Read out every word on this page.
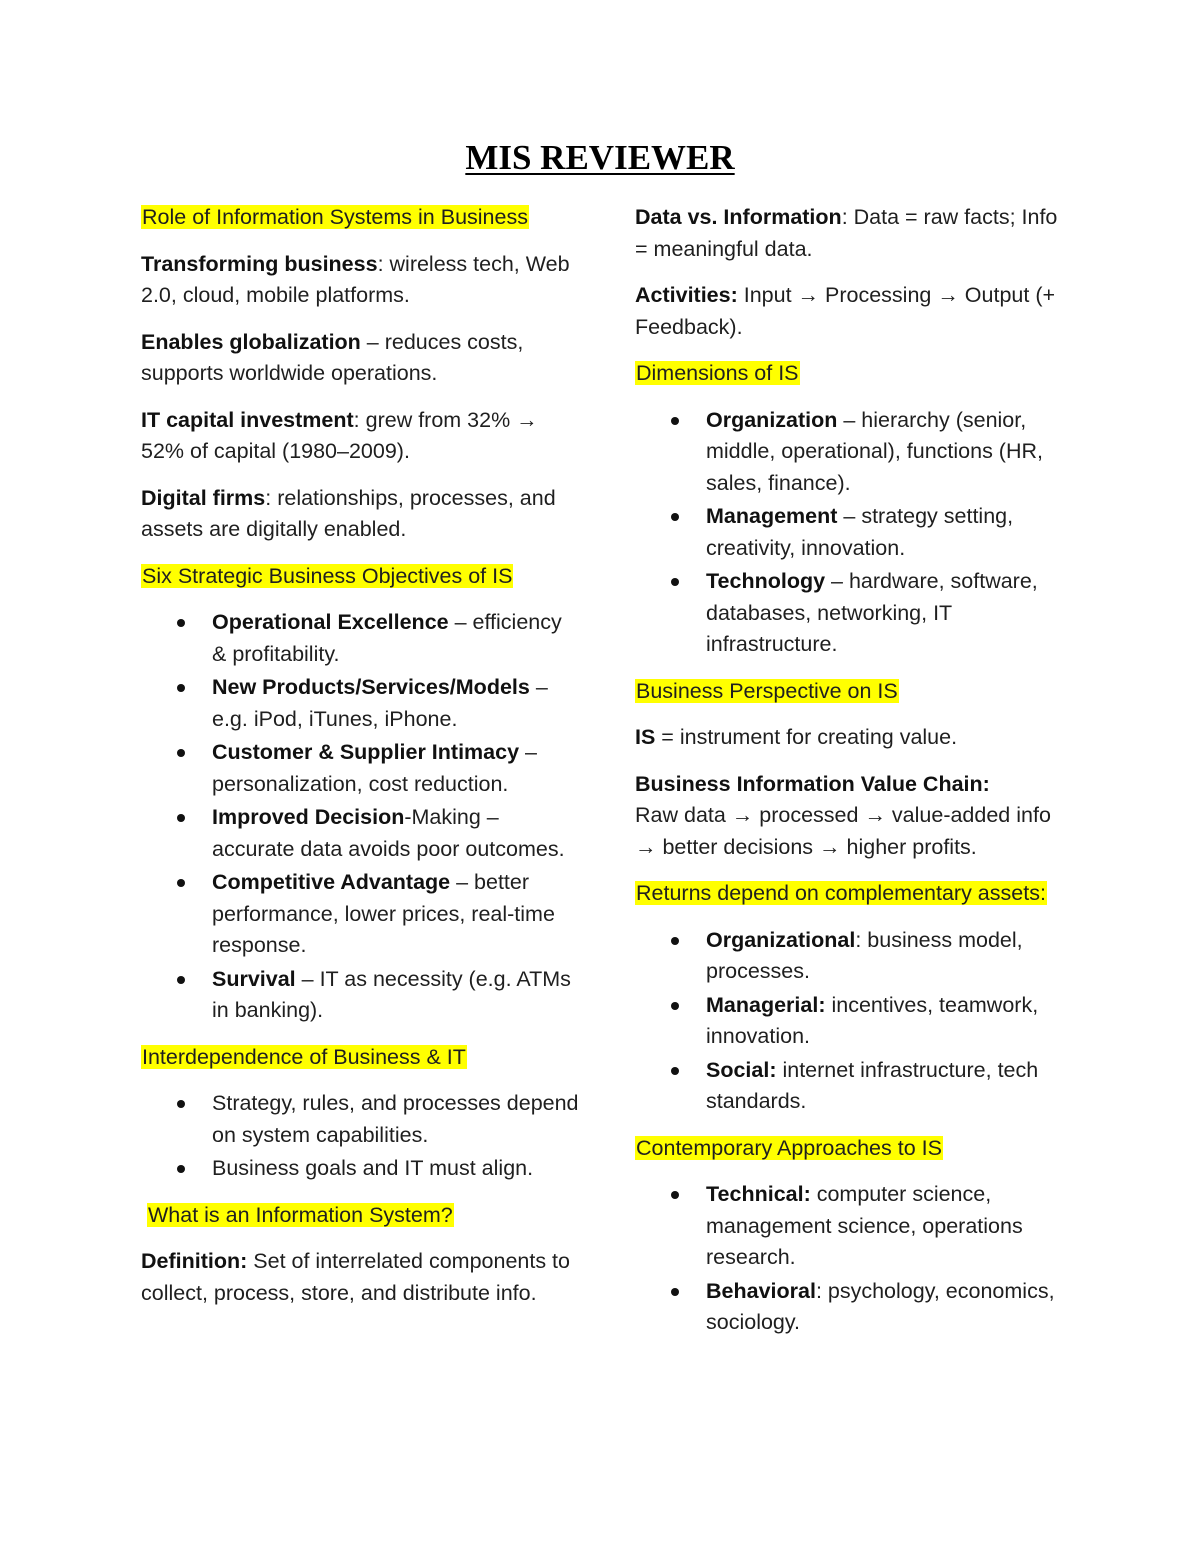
MIS REVIEWER
Role of Information Systems in Business

Transforming business: wireless tech, Web 2.0, cloud, mobile platforms.

Enables globalization – reduces costs, supports worldwide operations.

IT capital investment: grew from 32% → 52% of capital (1980–2009).

Digital firms: relationships, processes, and assets are digitally enabled.

Six Strategic Business Objectives of IS
Operational Excellence – efficiency & profitability.
New Products/Services/Models – e.g. iPod, iTunes, iPhone.
Customer & Supplier Intimacy – personalization, cost reduction.
Improved Decision-Making – accurate data avoids poor outcomes.
Competitive Advantage – better performance, lower prices, real-time response.
Survival – IT as necessity (e.g. ATMs in banking).
Interdependence of Business & IT
Strategy, rules, and processes depend on system capabilities.
Business goals and IT must align.
What is an Information System?

Definition: Set of interrelated components to collect, process, store, and distribute info.

Data vs. Information: Data = raw facts; Info = meaningful data.

Activities: Input → Processing → Output (+ Feedback).

Dimensions of IS
Organization – hierarchy (senior, middle, operational), functions (HR, sales, finance).
Management – strategy setting, creativity, innovation.
Technology – hardware, software, databases, networking, IT infrastructure.
Business Perspective on IS

IS = instrument for creating value.

Business Information Value Chain:
Raw data → processed → value-added info → better decisions → higher profits.

Returns depend on complementary assets:
Organizational: business model, processes.
Managerial: incentives, teamwork, innovation.
Social: internet infrastructure, tech standards.
Contemporary Approaches to IS
Technical: computer science, management science, operations research.
Behavioral: psychology, economics, sociology.
